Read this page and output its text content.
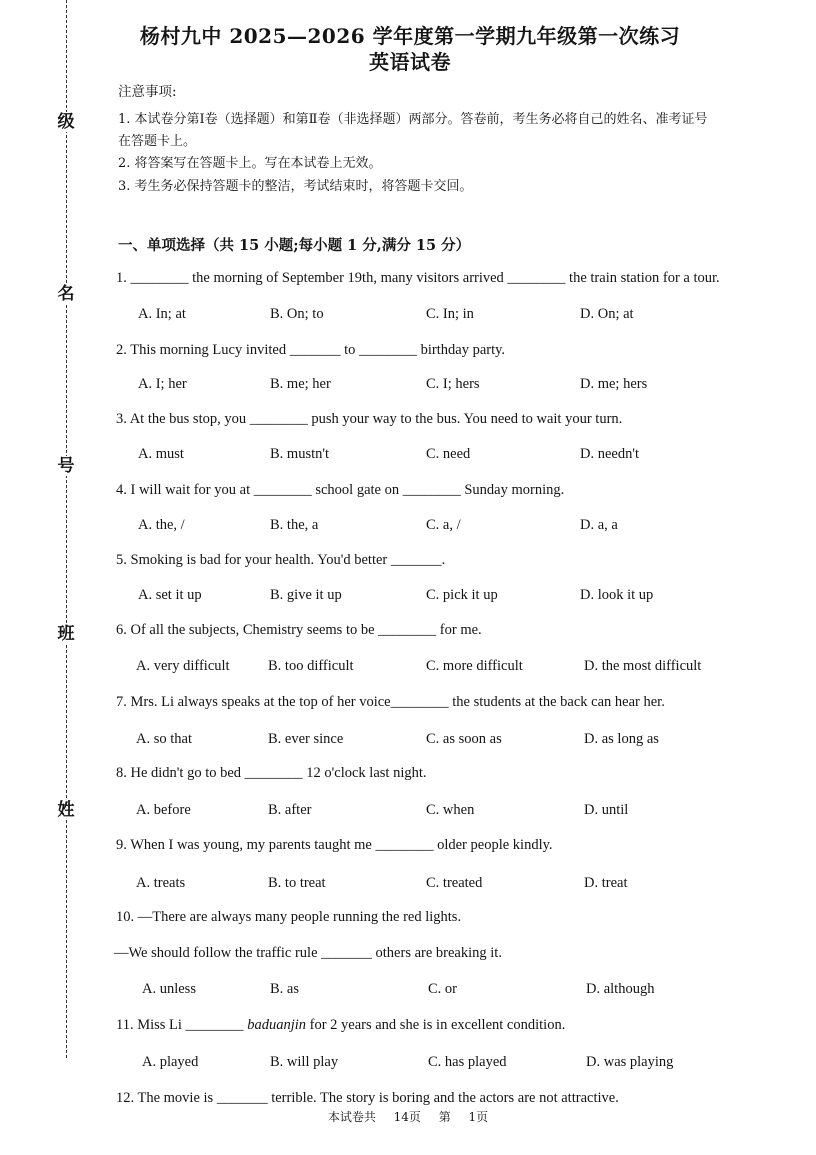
级
名
号
班
姓
杨村九中 2025—2026 学年度第一学期九年级第一次练习
英语试卷
注意事项:
1. 本试卷分第Ⅰ卷（选择题）和第Ⅱ卷（非选择题）两部分。答卷前，考生务必将自己的姓名、准考证号
在答题卡上。
2. 将答案写在答题卡上。写在本试卷上无效。
3. 考生务必保持答题卡的整洁，考试结束时，将答题卡交回。
一、单项选择（共 15 小题;每小题 1 分,满分 15 分）
1. ________ the morning of September 19th, many visitors arrived ________ the train station for a tour.
A. In; at	B. On; to	C. In; in	D. On; at
2. This morning Lucy invited _______ to ________ birthday party.
A. I; her	B. me; her	C. I; hers	D. me; hers
3. At the bus stop, you ________ push your way to the bus. You need to wait your turn.
A. must	B. mustn't	C. need	D. needn't
4. I will wait for you at ________ school gate on ________ Sunday morning.
A. the, /	B. the, a	C. a, /	D. a, a
5. Smoking is bad for your health. You'd better _______.
A. set it up	B. give it up	C. pick it up	D. look it up
6. Of all the subjects, Chemistry seems to be ________ for me.
A. very difficult	B. too difficult	C. more difficult	D. the most difficult
7. Mrs. Li always speaks at the top of her voice________ the students at the back can hear her.
A. so that	B. ever since	C. as soon as	D. as long as
8. He didn't go to bed ________ 12 o'clock last night.
A. before	B. after	C. when	D. until
9. When I was young, my parents taught me ________ older people kindly.
A. treats	B. to treat	C. treated	D. treat
10. —There are always many people running the red lights.
—We should follow the traffic rule _______ others are breaking it.
A. unless	B. as	C. or	D. although
11. Miss Li ________ baduanjin for 2 years and she is in excellent condition.
A. played	B. will play	C. has played	D. was playing
12. The movie is _______ terrible. The story is boring and the actors are not attractive.
本试卷共 14页 第 1页
